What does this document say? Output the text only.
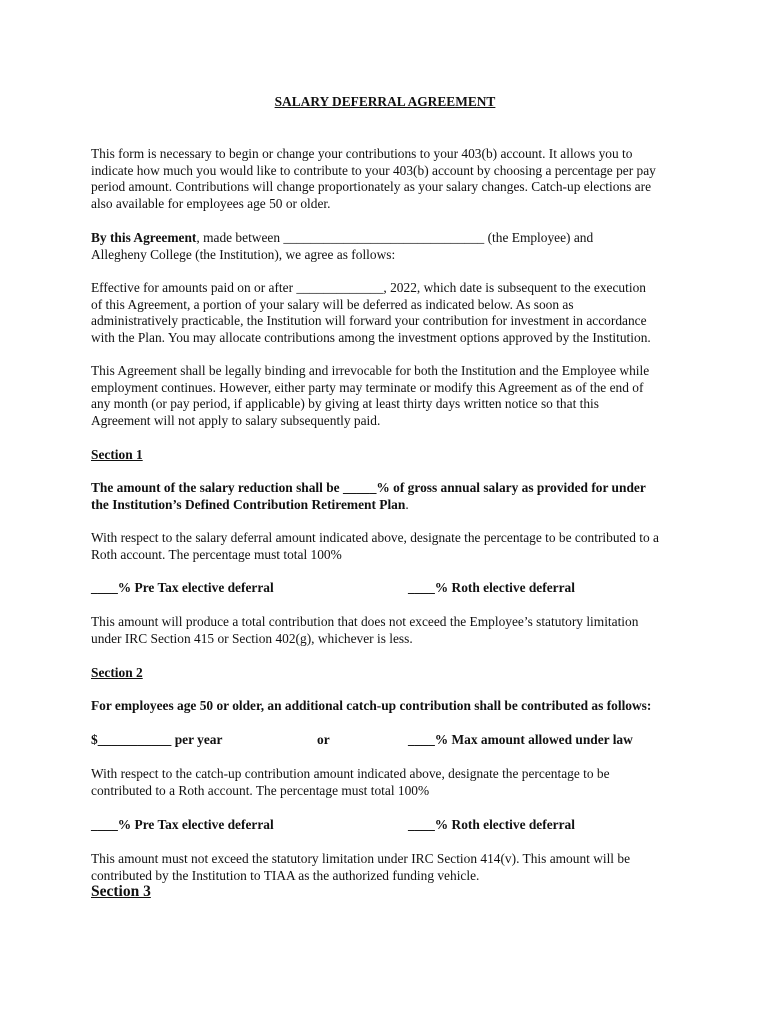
SALARY DEFERRAL AGREEMENT
This form is necessary to begin or change your contributions to your 403(b) account. It allows you to
indicate how much you would like to contribute to your 403(b) account by choosing a percentage per pay
period amount. Contributions will change proportionately as your salary changes. Catch-up elections are
also available for employees age 50 or older.
By this Agreement, made between ______________________________ (the Employee) and
Allegheny College (the Institution), we agree as follows:
Effective for amounts paid on or after _____________, 2022, which date is subsequent to the execution
of this Agreement, a portion of your salary will be deferred as indicated below. As soon as
administratively practicable, the Institution will forward your contribution for investment in accordance
with the Plan. You may allocate contributions among the investment options approved by the Institution.
This Agreement shall be legally binding and irrevocable for both the Institution and the Employee while
employment continues. However, either party may terminate or modify this Agreement as of the end of
any month (or pay period, if applicable) by giving at least thirty days written notice so that this
Agreement will not apply to salary subsequently paid.
Section 1
The amount of the salary reduction shall be _____% of gross annual salary as provided for under
the Institution’s Defined Contribution Retirement Plan.
With respect to the salary deferral amount indicated above, designate the percentage to be contributed to a
Roth account. The percentage must total 100%
____% Pre Tax elective deferral	____% Roth elective deferral
This amount will produce a total contribution that does not exceed the Employee’s statutory limitation
under IRC Section 415 or Section 402(g), whichever is less.
Section 2
For employees age 50 or older, an additional catch-up contribution shall be contributed as follows:
$___________ per year	or	____% Max amount allowed under law
With respect to the catch-up contribution amount indicated above, designate the percentage to be
contributed to a Roth account. The percentage must total 100%
____% Pre Tax elective deferral	____% Roth elective deferral
This amount must not exceed the statutory limitation under IRC Section 414(v). This amount will be
contributed by the Institution to TIAA as the authorized funding vehicle.
Section 3
